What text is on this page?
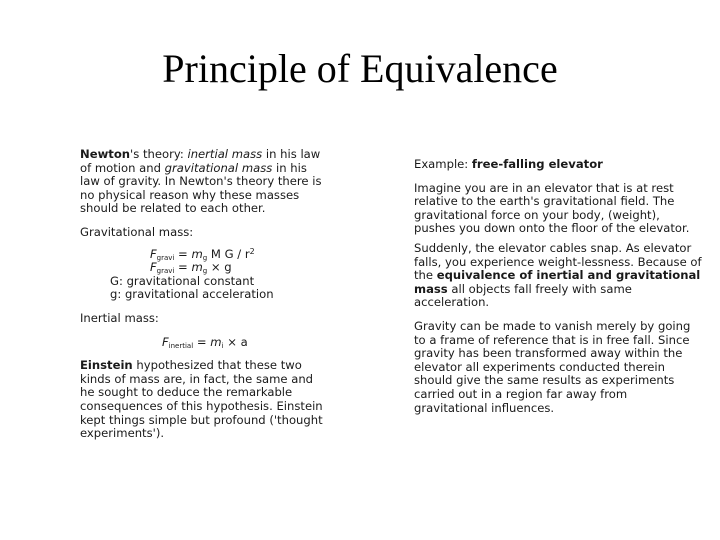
Principle of Equivalence

Newton's theory: inertial mass in his law of motion and gravitational mass in his law of gravity. In Newton's theory there is no physical reason why these masses should be related to each other.

Gravitational mass:

$F_{gravi} = m_g$ M G / $r^2$
$F_{gravi} = m_g \times g$
G: gravitational constant
g: gravitational acceleration

Inertial mass:

$F_{inertial} = m_i \times a$

Einstein hypothesized that these two kinds of mass are, in fact, the same and he sought to deduce the remarkable consequences of this hypothesis. Einstein kept things simple but profound ('thought experiments').

Example: free-falling elevator

Imagine you are in an elevator that is at rest relative to the earth's gravitational field. The gravitational force on your body, (weight), pushes you down onto the floor of the elevator.

Suddenly, the elevator cables snap. As elevator falls, you experience weight-lessness. Because of the equivalence of inertial and gravitational mass all objects fall freely with same acceleration.

Gravity can be made to vanish merely by going to a frame of reference that is in free fall. Since gravity has been transformed away within the elevator all experiments conducted therein should give the same results as experiments carried out in a region far away from gravitational influences.
